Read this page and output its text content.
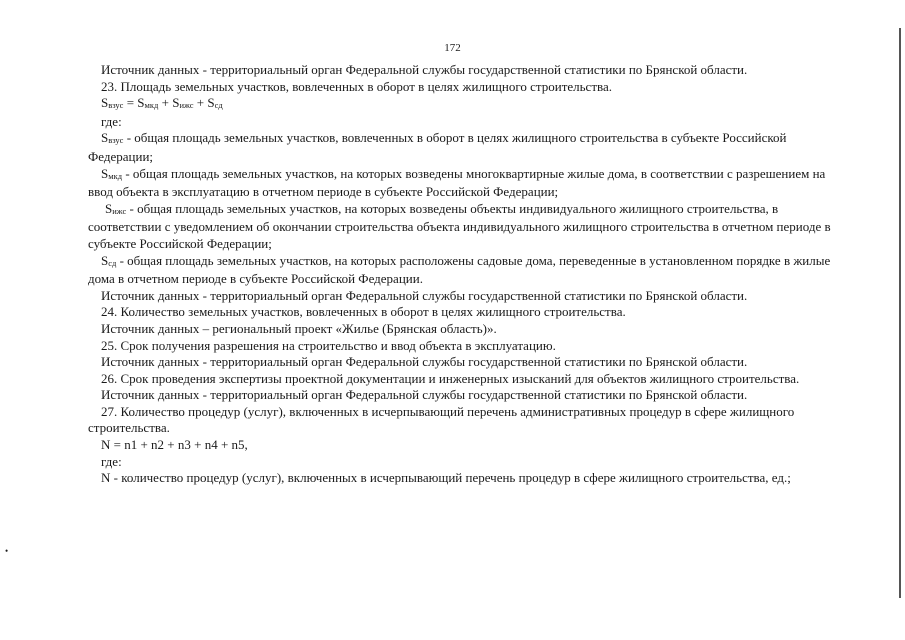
172
•

Источник данных - территориальный орган Федеральной службы государственной статистики по Брянской области.

23. Площадь земельных участков, вовлеченных в оборот в целях жилищного строительства.

Sвзус = Sмкд + Sижс + Sсд

где:

Sвзус - общая площадь земельных участков, вовлеченных в оборот в целях жилищного строительства в субъекте Российской Федерации;

Sмкд - общая площадь земельных участков, на которых возведены многоквартирные жилые дома, в соответствии с разрешением на ввод объекта в эксплуатацию в отчетном периоде в субъекте Российской Федерации;

Sижс - общая площадь земельных участков, на которых возведены объекты индивидуального жилищного строительства, в соответствии с уведомлением об окончании строительства объекта индивидуального жилищного строительства в отчетном периоде в субъекте Российской Федерации;

Sсд - общая площадь земельных участков, на которых расположены садовые дома, переведенные в установленном порядке в жилые дома в отчетном периоде в субъекте Российской Федерации.

Источник данных - территориальный орган Федеральной службы государственной статистики по Брянской области.

24. Количество земельных участков, вовлеченных в оборот в целях жилищного строительства.

Источник данных – региональный проект «Жилье (Брянская область)».

25. Срок получения разрешения на строительство и ввод объекта в эксплуатацию.

Источник данных - территориальный орган Федеральной службы государственной статистики по Брянской области.

26. Срок проведения экспертизы проектной документации и инженерных изысканий для объектов жилищного строительства.

Источник данных - территориальный орган Федеральной службы государственной статистики по Брянской области.

27. Количество процедур (услуг), включенных в исчерпывающий перечень административных процедур в сфере жилищного строительства.

N = n1 + n2 + n3 + n4 + n5,

где:

N - количество процедур (услуг), включенных в исчерпывающий перечень процедур в сфере жилищного строительства, ед.;
